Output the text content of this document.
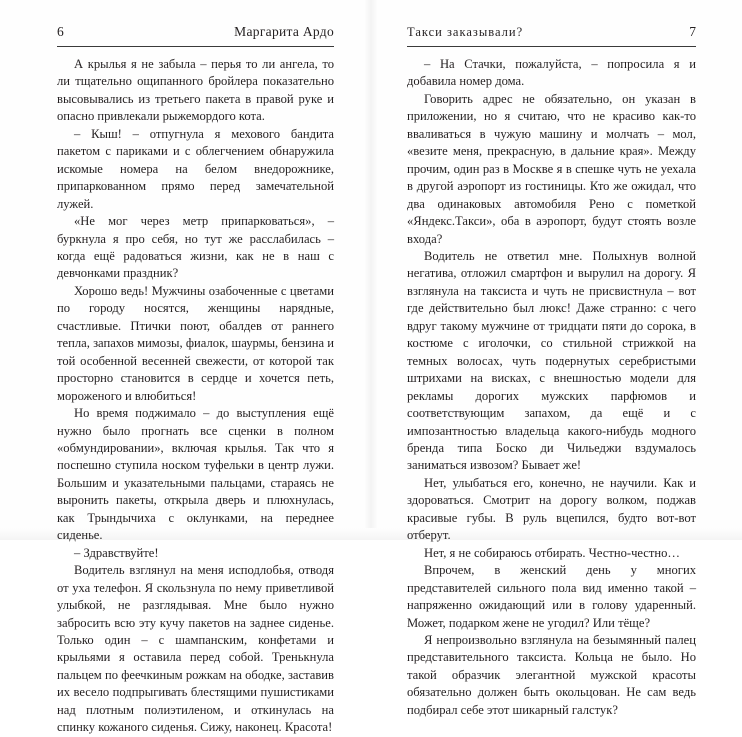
6	Маргарита Ардо

А крылья я не забыла – перья то ли ангела, то ли тщательно ощипанного бройлера показательно высовывались из третьего пакета в правой руке и опасно привлекали рыжемордого кота.

– Кыш! – отпугнула я мехового бандита пакетом с париками и с облегчением обнаружила искомые номера на белом внедорожнике, припаркованном прямо перед замечательной лужей.

«Не мог через метр припарковаться», – буркнула я про себя, но тут же расслабилась – когда ещё радоваться жизни, как не в наш с девчонками праздник?

Хорошо ведь! Мужчины озабоченные с цветами по городу носятся, женщины нарядные, счастливые. Птички поют, обалдев от раннего тепла, запахов мимозы, фиалок, шаурмы, бензина и той особенной весенней свежести, от которой так просторно становится в сердце и хочется петь, мороженого и влюбиться!

Но время поджимало – до выступления ещё нужно было прогнать все сценки в полном «обмундировании», включая крылья. Так что я поспешно ступила носком туфельки в центр лужи. Большим и указательными пальцами, стараясь не выронить пакеты, открыла дверь и плюхнулась, как Трындычиха с оклунками, на переднее сиденье.

– Здравствуйте!

Водитель взглянул на меня исподлобья, отводя от уха телефон. Я скользнула по нему приветливой улыбкой, не разглядывая. Мне было нужно забросить всю эту кучу пакетов на заднее сиденье. Только один – с шампанским, конфетами и крыльями я оставила перед собой. Тренькнула пальцем по феечкиным рожкам на ободке, заставив их весело подпрыгивать блестящими пушистиками над плотным полиэтиленом, и откинулась на спинку кожаного сиденья. Сижу, наконец. Красота!

Такси заказывали?	7

– На Стачки, пожалуйста, – попросила я и добавила номер дома.

Говорить адрес не обязательно, он указан в приложении, но я считаю, что не красиво как-то вваливаться в чужую машину и молчать – мол, «везите меня, прекрасную, в дальние края». Между прочим, один раз в Москве я в спешке чуть не уехала в другой аэропорт из гостиницы. Кто же ожидал, что два одинаковых автомобиля Рено с пометкой «Яндекс.Такси», оба в аэропорт, будут стоять возле входа?

Водитель не ответил мне. Полыхнув волной негатива, отложил смартфон и вырулил на дорогу. Я взглянула на таксиста и чуть не присвистнула – вот где действительно был люкс! Даже странно: с чего вдруг такому мужчине от тридцати пяти до сорока, в костюме с иголочки, со стильной стрижкой на темных волосах, чуть подернутых серебристыми штрихами на висках, с внешностью модели для рекламы дорогих мужских парфюмов и соответствующим запахом, да ещё и с импозантностью владельца какого-нибудь модного бренда типа Боско ди Чильеджи вздумалось заниматься извозом? Бывает же!

Нет, улыбаться его, конечно, не научили. Как и здороваться. Смотрит на дорогу волком, поджав красивые губы. В руль вцепился, будто вот-вот отберут.

Нет, я не собираюсь отбирать. Честно-честно…

Впрочем, в женский день у многих представителей сильного пола вид именно такой – напряженно ожидающий или в голову ударенный. Может, подарком жене не угодил? Или тёще?

Я непроизвольно взглянула на безымянный палец представительного таксиста. Кольца не было. Но такой образчик элегантной мужской красоты обязательно должен быть окольцован. Не сам ведь подбирал себе этот шикарный галстук?
